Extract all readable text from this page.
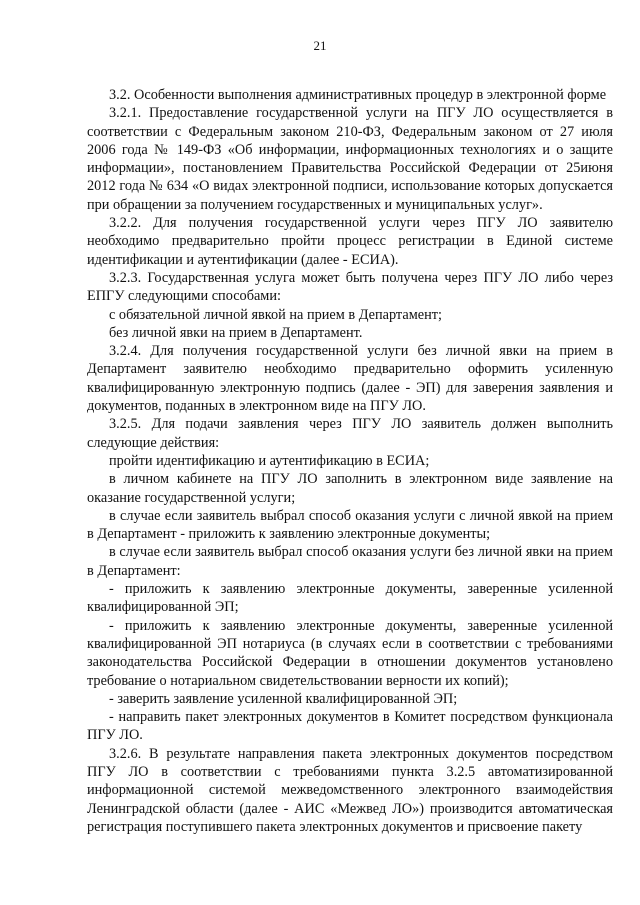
21

3.2. Особенности выполнения административных процедур в электронной форме

3.2.1. Предоставление государственной услуги на ПГУ ЛО осуществляется в соответствии с Федеральным законом 210-ФЗ, Федеральным законом от 27 июля 2006 года № 149-ФЗ «Об информации, информационных технологиях и о защите информации», постановлением Правительства Российской Федерации от 25июня 2012 года № 634 «О видах электронной подписи, использование которых допускается при обращении за получением государственных и муниципальных услуг».

3.2.2. Для получения государственной услуги через ПГУ ЛО заявителю необходимо предварительно пройти процесс регистрации в Единой системе идентификации и аутентификации (далее - ЕСИА).

3.2.3. Государственная услуга может быть получена через ПГУ ЛО либо через ЕПГУ следующими способами:

с обязательной личной явкой на прием в Департамент;

без личной явки на прием в Департамент.

3.2.4. Для получения государственной услуги без личной явки на прием в Департамент заявителю необходимо предварительно оформить усиленную квалифицированную электронную подпись (далее - ЭП) для заверения заявления и документов, поданных в электронном виде на ПГУ ЛО.

3.2.5. Для подачи заявления через ПГУ ЛО заявитель должен выполнить следующие действия:

пройти идентификацию и аутентификацию в ЕСИА;

в личном кабинете на ПГУ ЛО заполнить в электронном виде заявление на оказание государственной услуги;

в случае если заявитель выбрал способ оказания услуги с личной явкой на прием в Департамент - приложить к заявлению электронные документы;

в случае если заявитель выбрал способ оказания услуги без личной явки на прием в Департамент:

- приложить к заявлению электронные документы, заверенные усиленной квалифицированной ЭП;

- приложить к заявлению электронные документы, заверенные усиленной квалифицированной ЭП нотариуса (в случаях если в соответствии с требованиями законодательства Российской Федерации в отношении документов установлено требование о нотариальном свидетельствовании верности их копий);

- заверить заявление усиленной квалифицированной ЭП;

- направить пакет электронных документов в Комитет посредством функционала ПГУ ЛО.

3.2.6. В результате направления пакета электронных документов посредством ПГУ ЛО в соответствии с требованиями пункта 3.2.5 автоматизированной информационной системой межведомственного электронного взаимодействия Ленинградской области (далее - АИС «Межвед ЛО») производится автоматическая регистрация поступившего пакета электронных документов и присвоение пакету
